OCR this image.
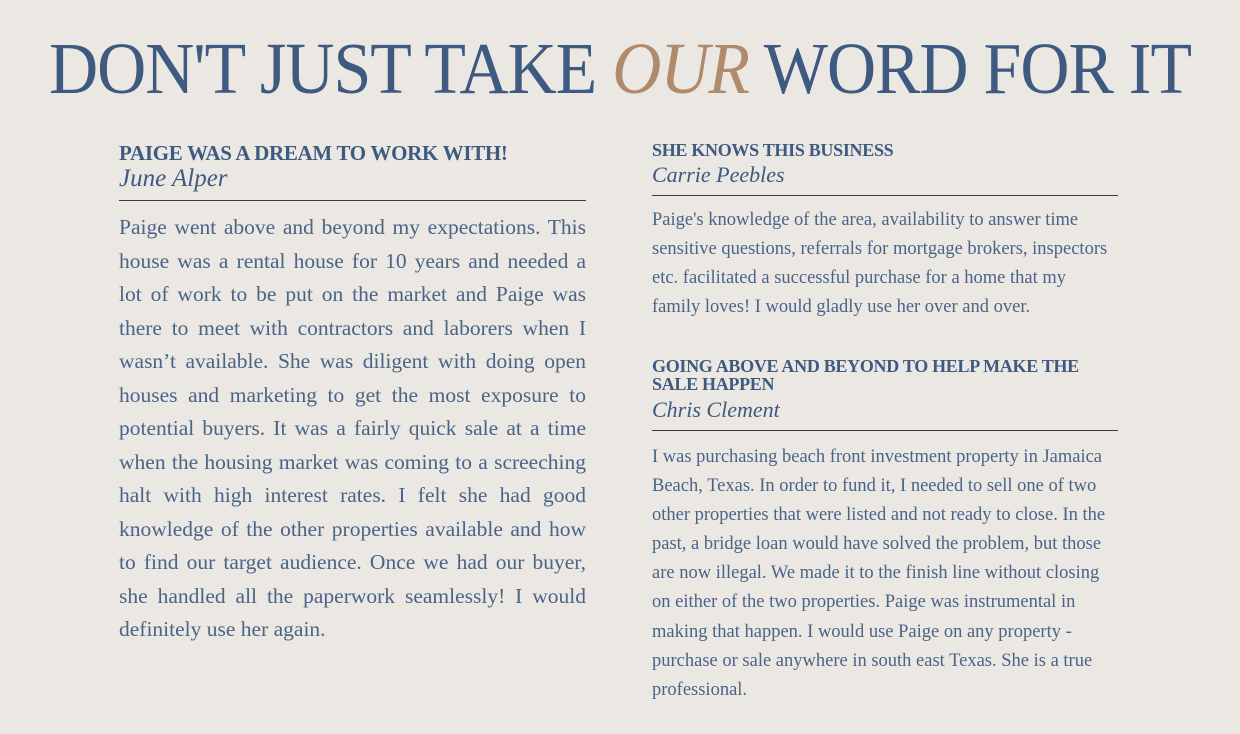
DON'T JUST TAKE OUR WORD FOR IT
PAIGE WAS A DREAM TO WORK WITH!

June Alper

Paige went above and beyond my expectations. This house was a rental house for 10 years and needed a lot of work to be put on the market and Paige was there to meet with contractors and laborers when I wasn’t available. She was diligent with doing open houses and marketing to get the most exposure to potential buyers. It was a fairly quick sale at a time when the housing market was coming to a screeching halt with high interest rates. I felt she had good knowledge of the other properties available and how to find our target audience. Once we had our buyer, she handled all the paperwork seamlessly! I would definitely use her again.

SHE KNOWS THIS BUSINESS

Carrie Peebles

Paige's knowledge of the area, availability to answer time sensitive questions, referrals for mortgage brokers, inspectors etc. facilitated a successful purchase for a home that my family loves! I would gladly use her over and over.

GOING ABOVE AND BEYOND TO HELP MAKE THE SALE HAPPEN

Chris Clement

I was purchasing beach front investment property in Jamaica Beach, Texas. In order to fund it, I needed to sell one of two other properties that were listed and not ready to close. In the past, a bridge loan would have solved the problem, but those are now illegal. We made it to the finish line without closing on either of the two properties. Paige was instrumental in making that happen. I would use Paige on any property - purchase or sale anywhere in south east Texas. She is a true professional.
